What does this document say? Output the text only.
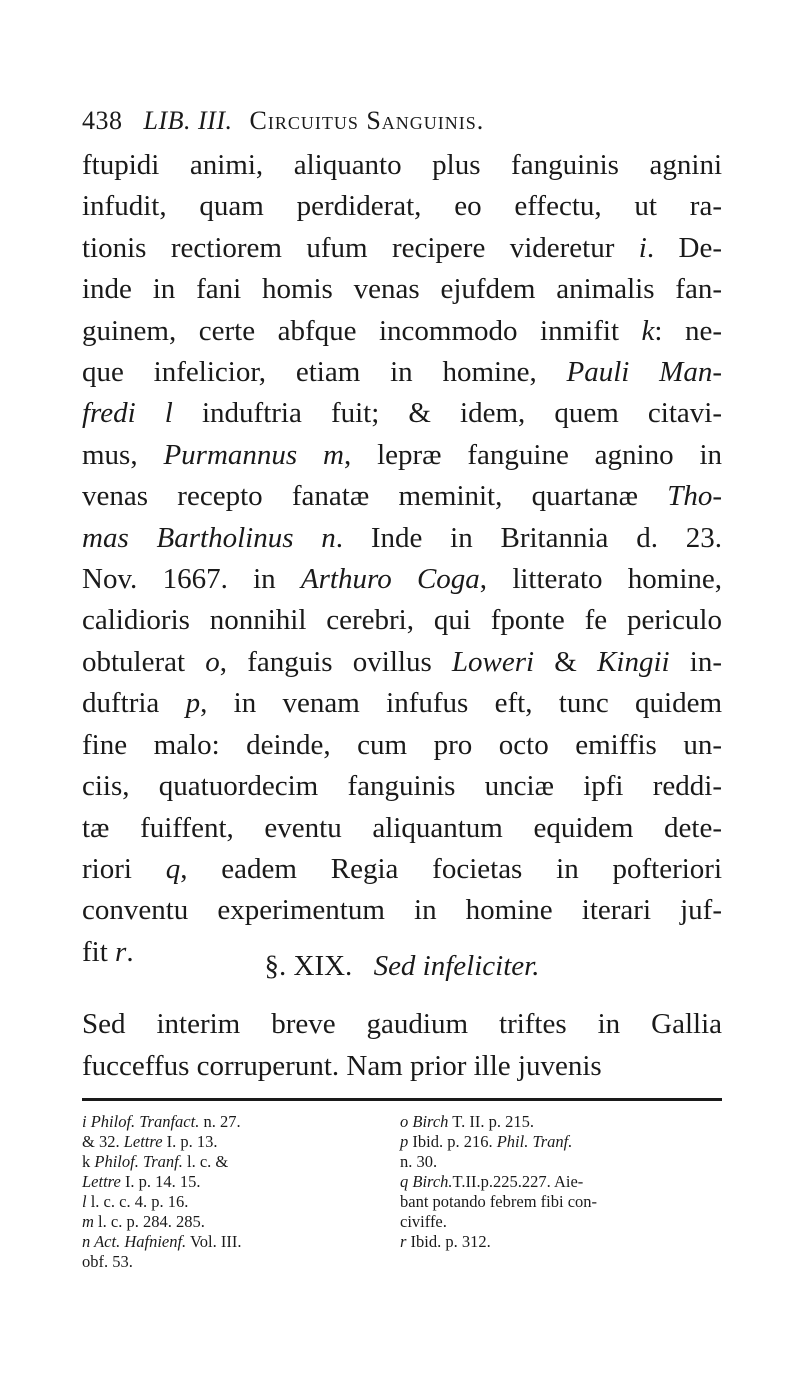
438 LIB. III. Circuitus Sanguinis.
ftupidi animi, aliquanto plus fanguinis agnini
infudit, quam perdiderat, eo effectu, ut ra-
tionis rectiorem ufum recipere videretur i. De-
inde in fani homis venas ejufdem animalis fan-
guinem, certe abfque incommodo inmifit k: ne-
que infelicior, etiam in homine, Pauli Man-
fredi l induftria fuit; & idem, quem citavi-
mus, Purmannus m, lepræ fanguine agnino in
venas recepto fanatæ meminit, quartanæ Tho-
mas Bartholinus n. Inde in Britannia d. 23.
Nov. 1667. in Arthuro Coga, litterato homine,
calidioris nonnihil cerebri, qui fponte fe periculo
obtulerat o, fanguis ovillus Loweri & Kingii in-
duftria p, in venam infufus eft, tunc quidem
fine malo: deinde, cum pro octo emiffis un-
ciis, quatuordecim fanguinis unciæ ipfi reddi-
tæ fuiffent, eventu aliquantum equidem dete-
riori q, eadem Regia focietas in pofteriori
conventu experimentum in homine iterari juf-
fit r.	§. XIX. Sed infeliciter.
Sed interim breve gaudium triftes in Gallia
fucceffus corruperunt. Nam prior ille juvenis
i Philof. Tranfact. n. 27.
& 32. Lettre I. p. 13.
k Philof. Tranf. l. c. &
Lettre I. p. 14. 15.
l l. c. c. 4. p. 16.
m l. c. p. 284. 285.
n Act. Hafnienf. Vol. III.
obf. 53.
o Birch T. II. p. 215.
p Ibid. p. 216. Phil. Tranf.
n. 30.
q Birch.T.II.p.225.227. Aie-
bant potando febrem fibi con-
civiffe.
r Ibid. p. 312.
